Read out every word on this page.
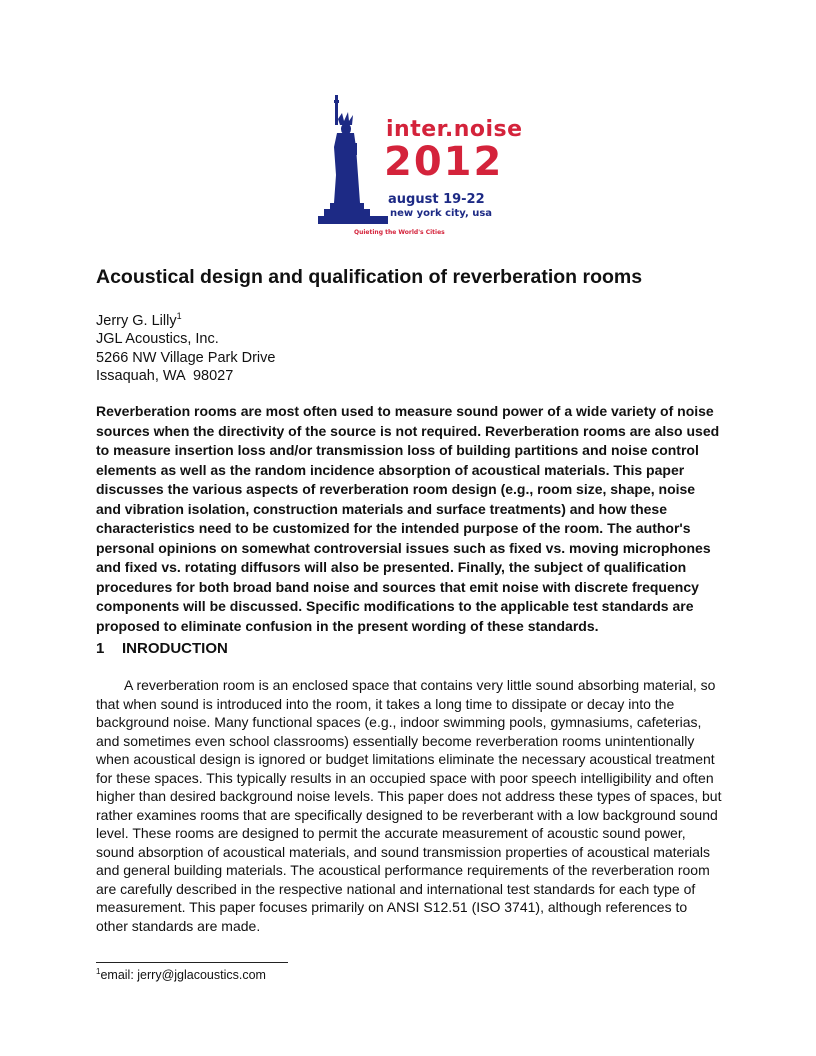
inter.noise
2012
august 19-22
new york city, usa
Quieting the World's Cities
Acoustical design and qualification of reverberation rooms
Jerry G. Lilly$^1$
JGL Acoustics, Inc.
5266 NW Village Park Drive
Issaquah, WA  98027

Reverberation rooms are most often used to measure sound power of a wide variety of noise sources when the directivity of the source is not required. Reverberation rooms are also used to measure insertion loss and/or transmission loss of building partitions and noise control elements as well as the random incidence absorption of acoustical materials. This paper discusses the various aspects of reverberation room design (e.g., room size, shape, noise and vibration isolation, construction materials and surface treatments) and how these characteristics need to be customized for the intended purpose of the room. The author's personal opinions on somewhat controversial issues such as fixed vs. moving microphones and fixed vs. rotating diffusors will also be presented. Finally, the subject of qualification procedures for both broad band noise and sources that emit noise with discrete frequency components will be discussed. Specific modifications to the applicable test standards are proposed to eliminate confusion in the present wording of these standards.

1 INRODUCTION

A reverberation room is an enclosed space that contains very little sound absorbing material, so that when sound is introduced into the room, it takes a long time to dissipate or decay into the background noise. Many functional spaces (e.g., indoor swimming pools, gymnasiums, cafeterias, and sometimes even school classrooms) essentially become reverberation rooms unintentionally when acoustical design is ignored or budget limitations eliminate the necessary acoustical treatment for these spaces. This typically results in an occupied space with poor speech intelligibility and often higher than desired background noise levels. This paper does not address these types of spaces, but rather examines rooms that are specifically designed to be reverberant with a low background sound level. These rooms are designed to permit the accurate measurement of acoustic sound power, sound absorption of acoustical materials, and sound transmission properties of acoustical materials and general building materials. The acoustical performance requirements of the reverberation room are carefully described in the respective national and international test standards for each type of measurement. This paper focuses primarily on ANSI S12.51 (ISO 3741), although references to other standards are made.

$^1$email: jerry@jglacoustics.com
